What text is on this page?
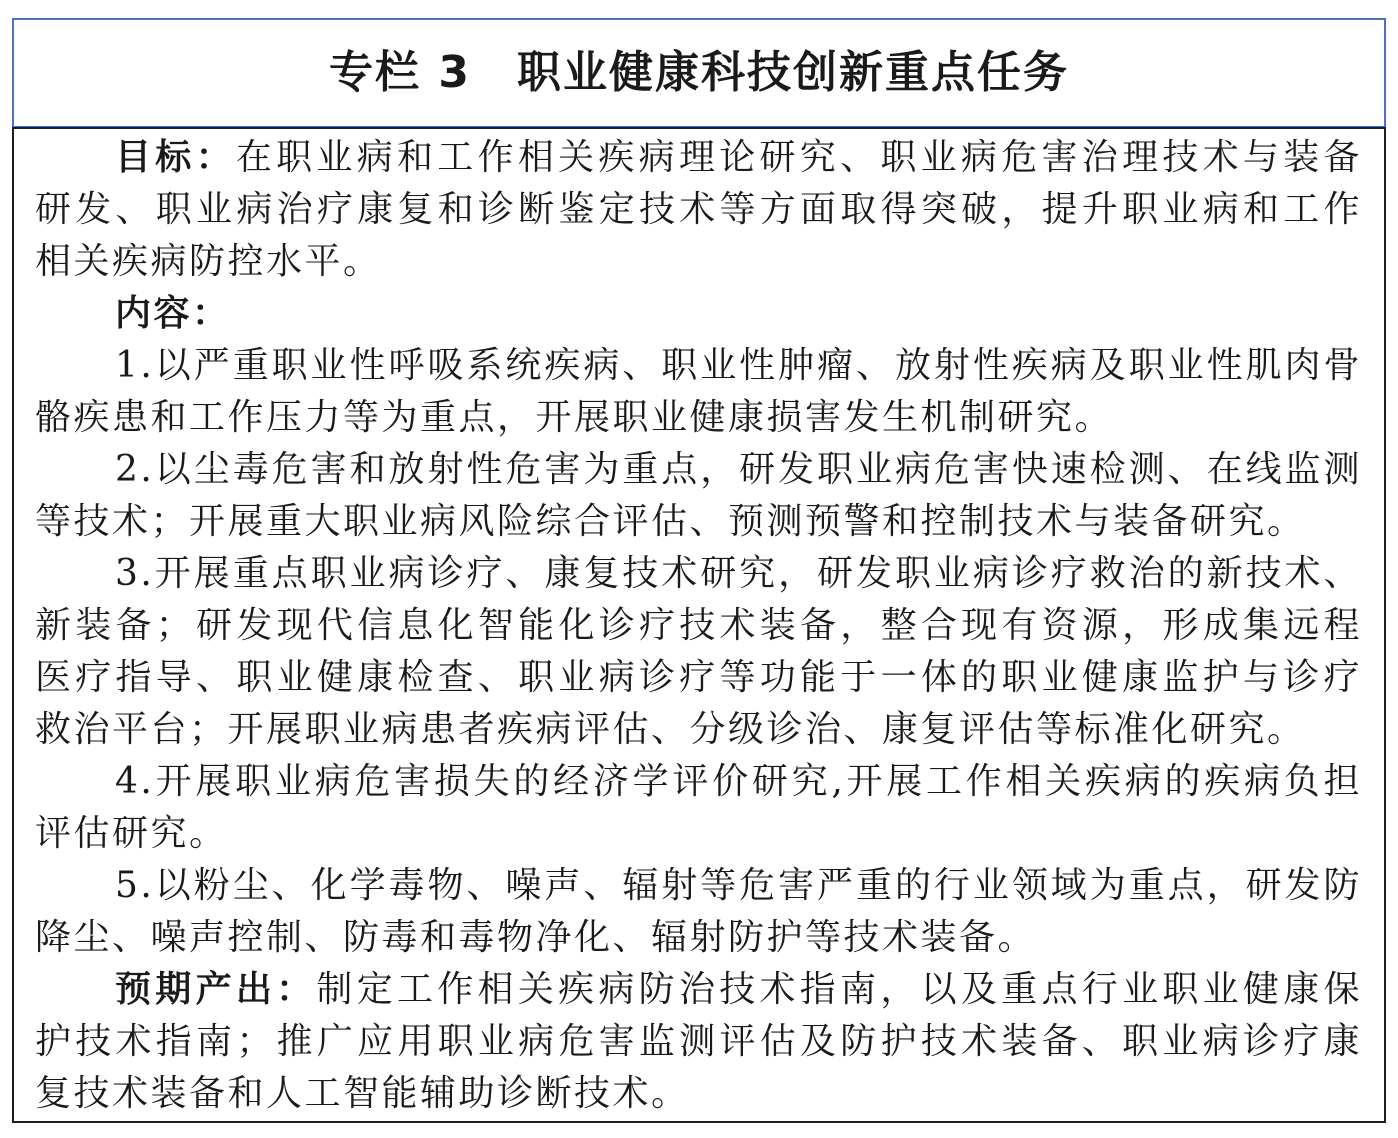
专栏 3 职业健康科技创新重点任务
目标：在职业病和工作相关疾病理论研究、职业病危害治理技术与装备
研发、职业病治疗康复和诊断鉴定技术等方面取得突破，提升职业病和工作
相关疾病防控水平。
内容：
1.以严重职业性呼吸系统疾病、职业性肿瘤、放射性疾病及职业性肌肉骨
骼疾患和工作压力等为重点，开展职业健康损害发生机制研究。
2.以尘毒危害和放射性危害为重点，研发职业病危害快速检测、在线监测
等技术；开展重大职业病风险综合评估、预测预警和控制技术与装备研究。
3.开展重点职业病诊疗、康复技术研究，研发职业病诊疗救治的新技术、
新装备；研发现代信息化智能化诊疗技术装备，整合现有资源，形成集远程
医疗指导、职业健康检查、职业病诊疗等功能于一体的职业健康监护与诊疗
救治平台；开展职业病患者疾病评估、分级诊治、康复评估等标准化研究。
4.开展职业病危害损失的经济学评价研究,开展工作相关疾病的疾病负担
评估研究。
5.以粉尘、化学毒物、噪声、辐射等危害严重的行业领域为重点，研发防
降尘、噪声控制、防毒和毒物净化、辐射防护等技术装备。
预期产出：制定工作相关疾病防治技术指南，以及重点行业职业健康保
护技术指南；推广应用职业病危害监测评估及防护技术装备、职业病诊疗康
复技术装备和人工智能辅助诊断技术。
